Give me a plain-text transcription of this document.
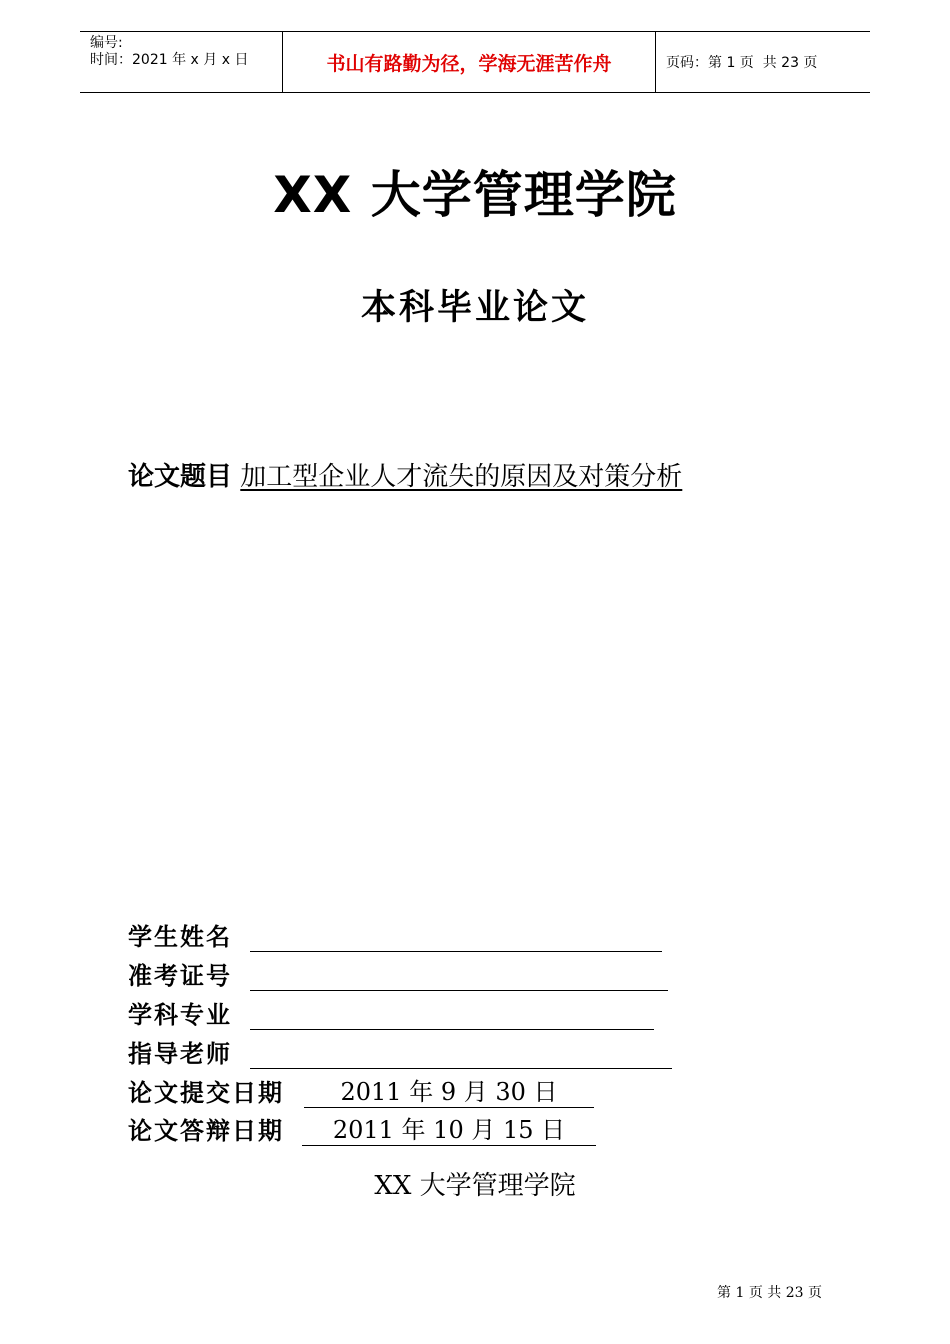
编号:
时间：2021 年 x 月 x 日	书山有路勤为径，学海无涯苦作舟	页码：第 1 页  共 23 页
XX 大学管理学院
本科毕业论文
论文题目 加工型企业人才流失的原因及对策分析
学生姓名
准考证号
学科专业
指导老师
论文提交日期	2011 年 9 月 30 日
论文答辩日期	2011 年 10 月 15 日
XX 大学管理学院
第 1 页 共 23 页
